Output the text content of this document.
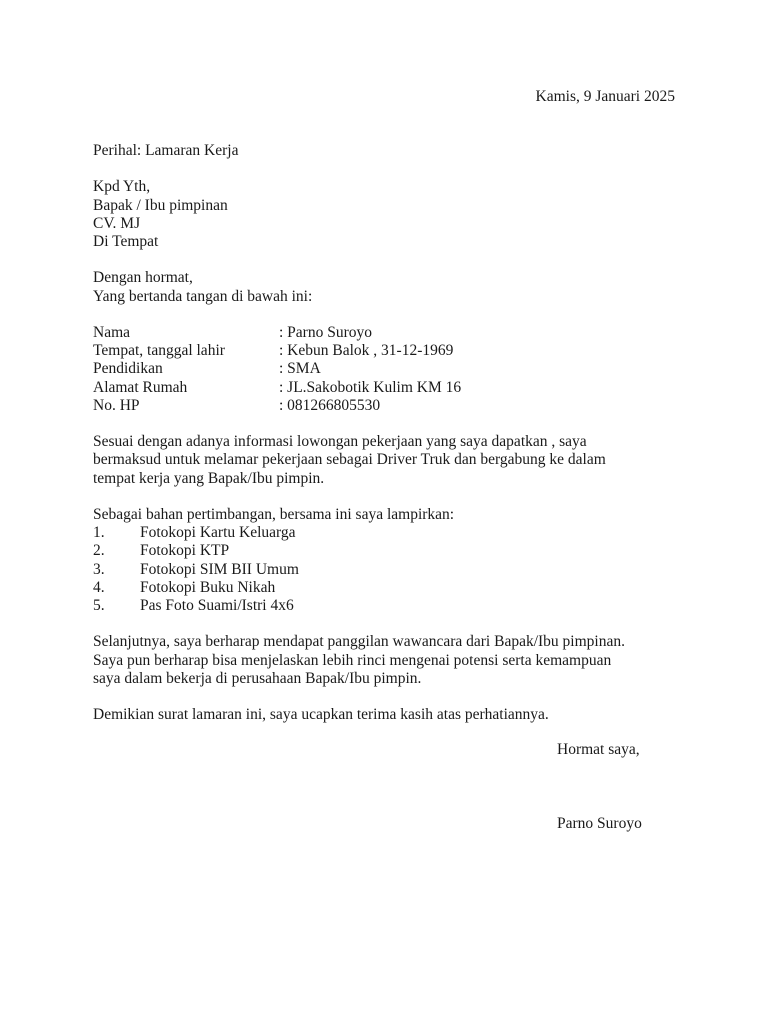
Kamis, 9 Januari 2025
Perihal: Lamaran Kerja
Kpd Yth,
Bapak / Ibu pimpinan
CV. MJ
Di Tempat
Dengan hormat,
Yang bertanda tangan di bawah ini:
Nama	: Parno Suroyo
Tempat, tanggal lahir	: Kebun Balok , 31-12-1969
Pendidikan	: SMA
Alamat Rumah	: JL.Sakobotik Kulim KM 16
No. HP	: 081266805530
Sesuai dengan adanya informasi lowongan pekerjaan yang saya dapatkan , saya
bermaksud untuk melamar pekerjaan sebagai Driver Truk dan bergabung ke dalam
tempat kerja yang Bapak/Ibu pimpin.
Sebagai bahan pertimbangan, bersama ini saya lampirkan:
1.	Fotokopi Kartu Keluarga
2.	Fotokopi KTP
3.	Fotokopi SIM BII Umum
4.	Fotokopi Buku Nikah
5.	Pas Foto Suami/Istri 4x6
Selanjutnya, saya berharap mendapat panggilan wawancara dari Bapak/Ibu pimpinan.
Saya pun berharap bisa menjelaskan lebih rinci mengenai potensi serta kemampuan
saya dalam bekerja di perusahaan Bapak/Ibu pimpin.
Demikian surat lamaran ini, saya ucapkan terima kasih atas perhatiannya.
Hormat saya,
Parno Suroyo
